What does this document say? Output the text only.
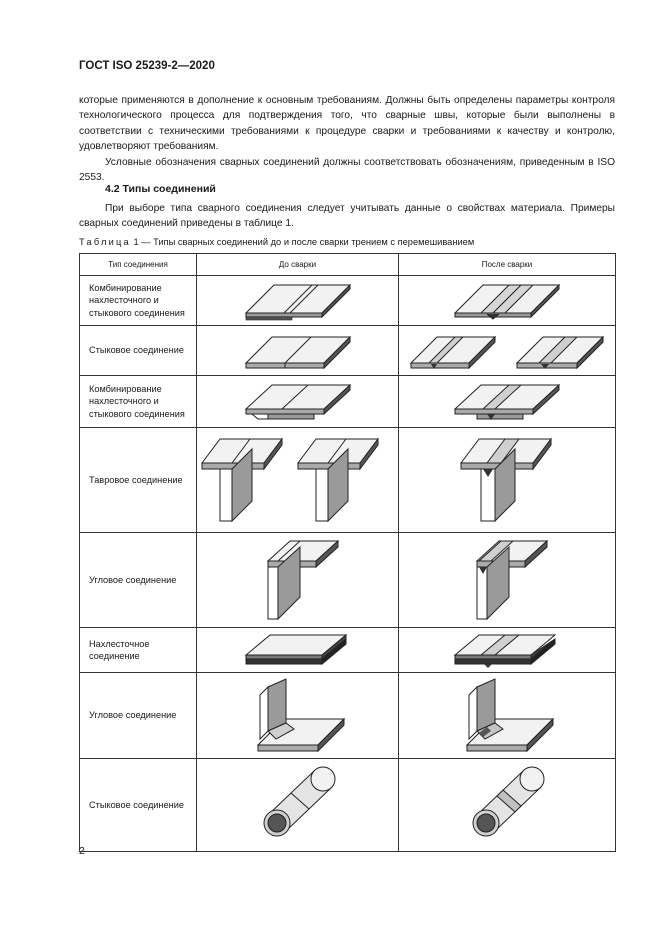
ГОСТ ISO 25239-2—2020

которые применяются в дополнение к основным требованиям. Должны быть определены параметры контроля технологического процесса для подтверждения того, что сварные швы, которые были выполнены в соответствии с техническими требованиями к процедуре сварки и требованиями к качеству и контролю, удовлетворяют требованиям.

Условные обозначения сварных соединений должны соответствовать обозначениям, приведенным в ISO 2553.

4.2 Типы соединений

При выборе типа сварного соединения следует учитывать данные о свойствах материала. Примеры сварных соединений приведены в таблице 1.

Таблица 1 — Типы сварных соединений до и после сварки трением с перемешиванием
Тип соединения	До сварки	После сварки
Комбинирование нахлесточного и стыкового соединения	

Стыковое соединение	

Комбинирование нахлесточного и стыкового соединения	

Тавровое соединение	

Угловое соединение	

Нахлесточное соединение	

Угловое соединение	

Стыковое соединение	

2
